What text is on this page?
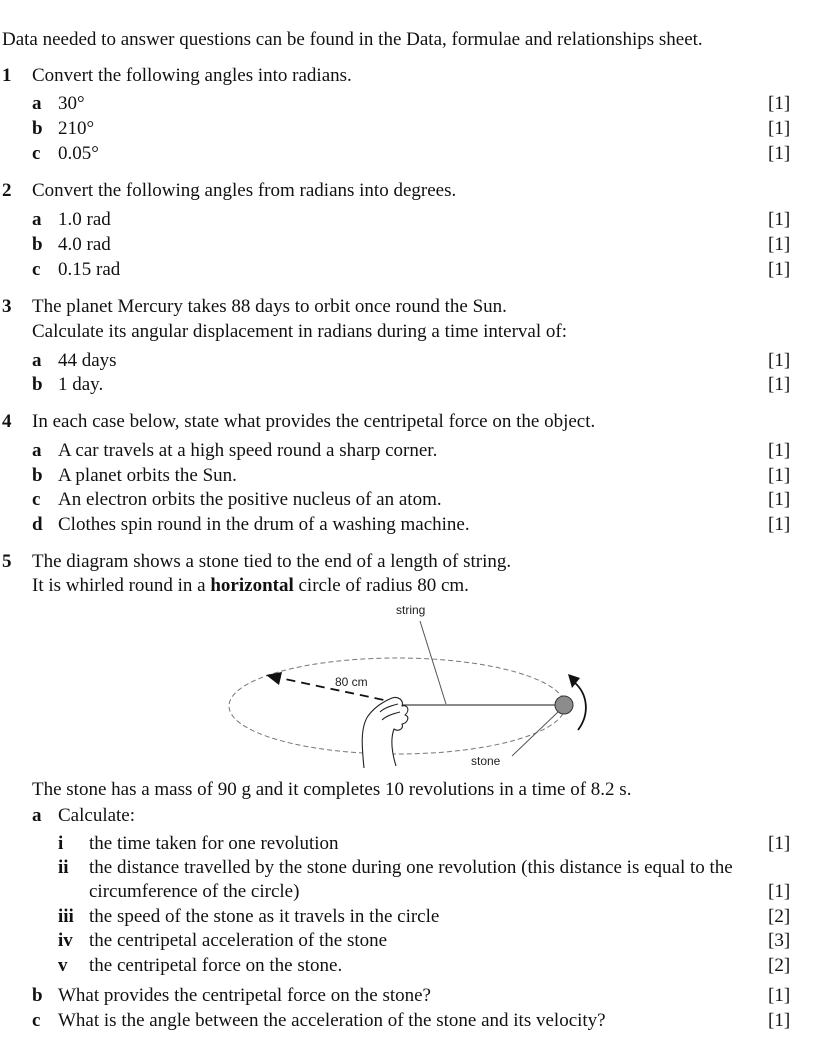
Data needed to answer questions can be found in the Data, formulae and relationships sheet.
1 Convert the following angles into radians.
a 30°	[1]
b 210°	[1]
c 0.05°	[1]
2 Convert the following angles from radians into degrees.
a 1.0 rad	[1]
b 4.0 rad	[1]
c 0.15 rad	[1]
3 The planet Mercury takes 88 days to orbit once round the Sun.
Calculate its angular displacement in radians during a time interval of:
a 44 days	[1]
b 1 day.	[1]
4 In each case below, state what provides the centripetal force on the object.
a A car travels at a high speed round a sharp corner.	[1]
b A planet orbits the Sun.	[1]
c An electron orbits the positive nucleus of an atom.	[1]
d Clothes spin round in the drum of a washing machine.	[1]
5 The diagram shows a stone tied to the end of a length of string.
It is whirled round in a horizontal circle of radius 80 cm.
string
80 cm
stone
The stone has a mass of 90 g and it completes 10 revolutions in a time of 8.2 s.
a Calculate:
i the time taken for one revolution	[1]
ii the distance travelled by the stone during one revolution (this distance is equal to the
circumference of the circle)	[1]
iii the speed of the stone as it travels in the circle	[2]
iv the centripetal acceleration of the stone	[3]
v the centripetal force on the stone.	[2]
b What provides the centripetal force on the stone?	[1]
c What is the angle between the acceleration of the stone and its velocity?	[1]
